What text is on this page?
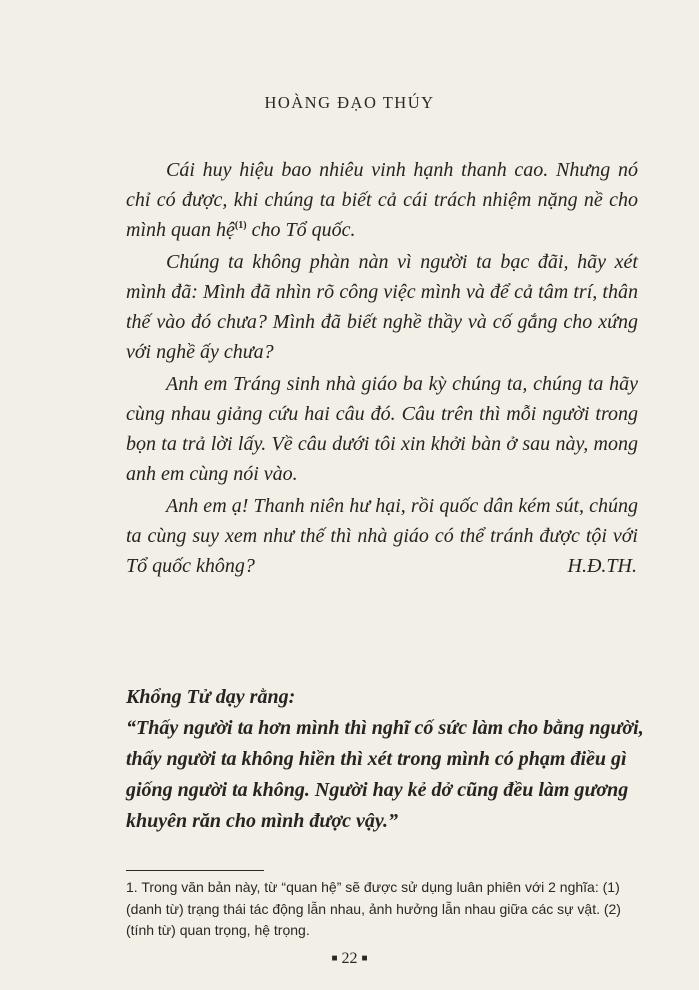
HOÀNG ĐẠO THÚY

Cái huy hiệu bao nhiêu vinh hạnh thanh cao. Nhưng nó chỉ có được, khi chúng ta biết cả cái trách nhiệm nặng nề cho mình quan hệ$^{(1)}$ cho Tổ quốc.

Chúng ta không phàn nàn vì người ta bạc đãi, hãy xét mình đã: Mình đã nhìn rõ công việc mình và để cả tâm trí, thân thế vào đó chưa? Mình đã biết nghề thầy và cố gắng cho xứng với nghề ấy chưa?

Anh em Tráng sinh nhà giáo ba kỳ chúng ta, chúng ta hãy cùng nhau giảng cứu hai câu đó. Câu trên thì mỗi người trong bọn ta trả lời lấy. Về câu dưới tôi xin khởi bàn ở sau này, mong anh em cùng nói vào.

Anh em ạ! Thanh niên hư hại, rồi quốc dân kém sút, chúng ta cùng suy xem như thế thì nhà giáo có thể tránh được tội với Tổ quốc không?	H.Đ.TH.

Khổng Tử dạy rằng:

“Thấy người ta hơn mình thì nghĩ cố sức làm cho bằng người, thấy người ta không hiền thì xét trong mình có phạm điều gì giống người ta không. Người hay kẻ dở cũng đều làm gương khuyên răn cho mình được vậy.”

1. Trong văn bản này, từ “quan hệ” sẽ được sử dụng luân phiên với 2 nghĩa: (1) (danh từ) trạng thái tác động lẫn nhau, ảnh hưởng lẫn nhau giữa các sự vật. (2) (tính từ) quan trọng, hệ trọng.
■ 22 ■
